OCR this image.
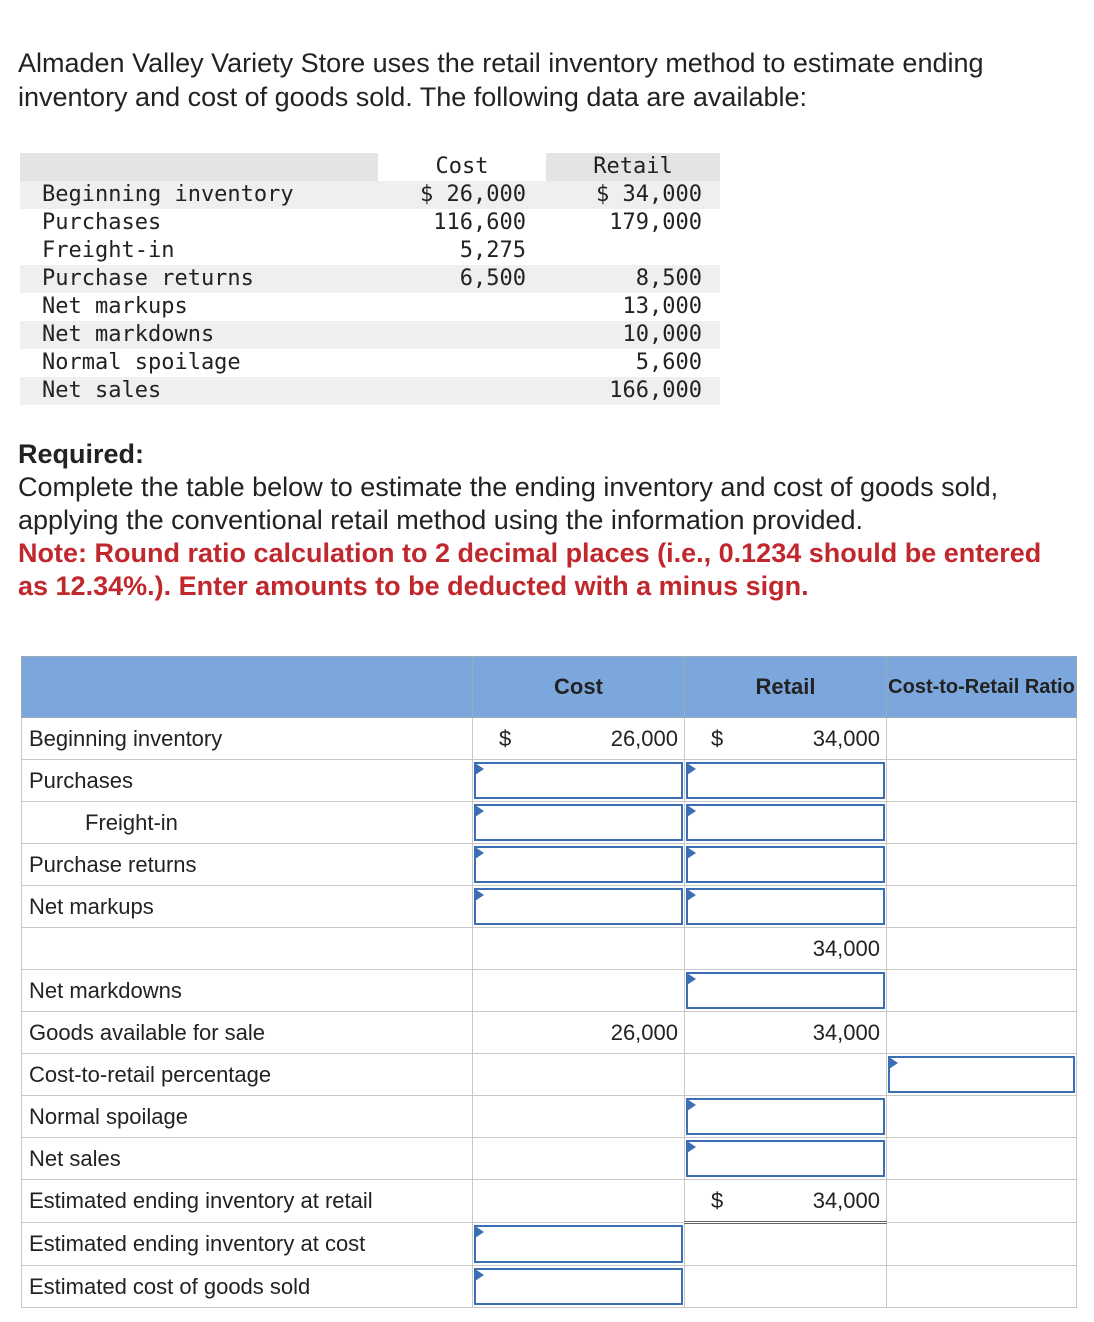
Almaden Valley Variety Store uses the retail inventory method to estimate ending inventory and cost of goods sold. The following data are available:
	Cost	Retail
Beginning inventory	$ 26,000	$ 34,000
Purchases	116,600	179,000
Freight-in	5,275	
Purchase returns	6,500	8,500
Net markups		13,000
Net markdowns		10,000
Normal spoilage		5,600
Net sales		166,000
Required:
Complete the table below to estimate the ending inventory and cost of goods sold, applying the conventional retail method using the information provided.
Note: Round ratio calculation to 2 decimal places (i.e., 0.1234 should be entered as 12.34%.). Enter amounts to be deducted with a minus sign.
	Cost	Retail	Cost-to-Retail Ratio
Beginning inventory	$ 26,000	$ 34,000	

Purchases	

Freight-in	

Purchase returns	

Net markups	

		34,000	

Net markdowns		

Goods available for sale	26,000	34,000	

Cost-to-retail percentage			

Normal spoilage		

Net sales		

Estimated ending inventory at retail		$ 34,000	

Estimated ending inventory at cost	

Estimated cost of goods sold	
